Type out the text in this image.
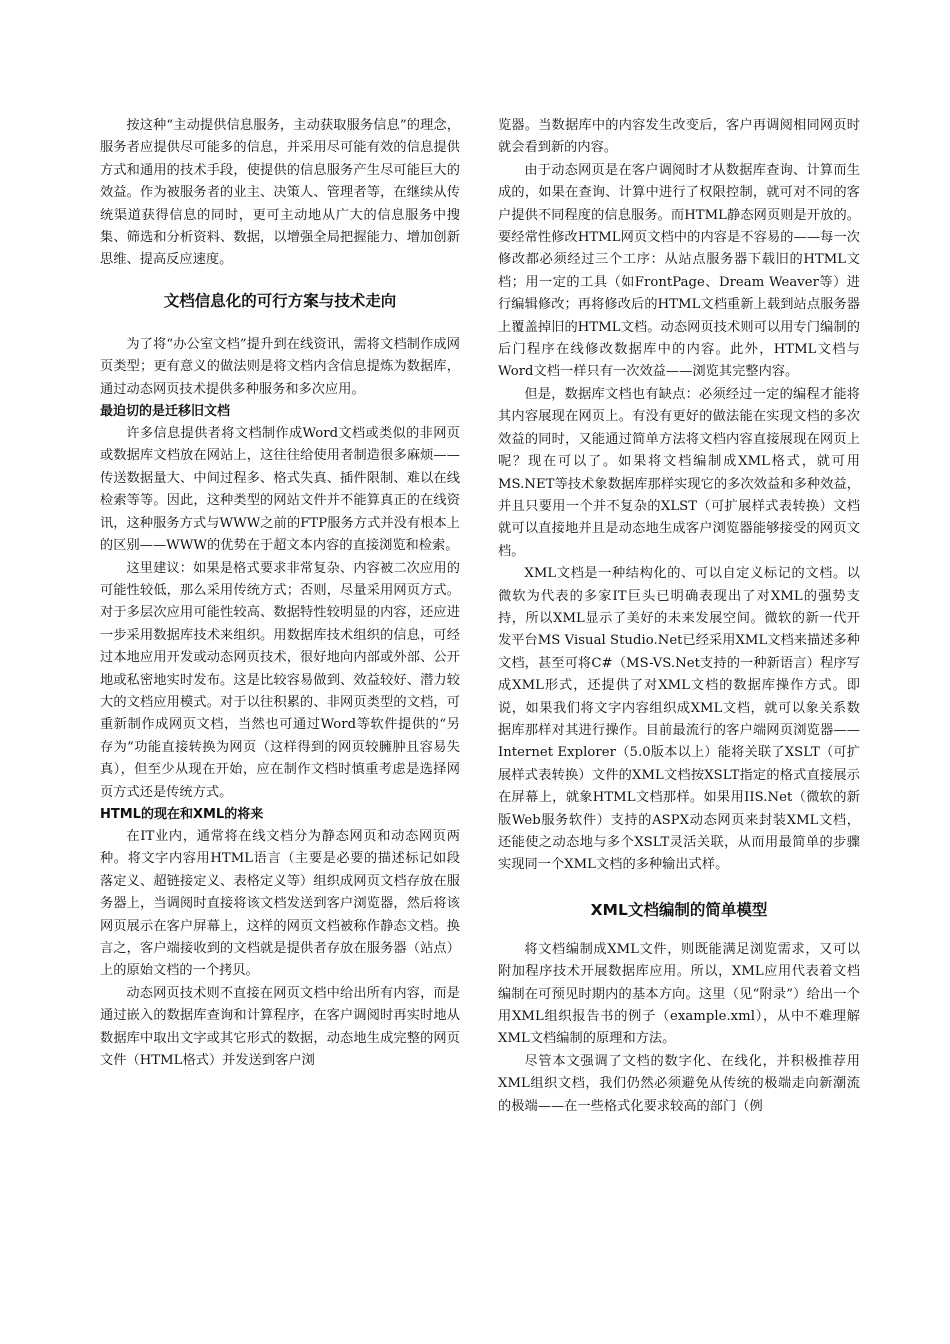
按这种“主动提供信息服务，主动获取服务信息”的理念，服务者应提供尽可能多的信息，并采用尽可能有效的信息提供方式和通用的技术手段，使提供的信息服务产生尽可能巨大的效益。作为被服务者的业主、决策人、管理者等，在继续从传统渠道获得信息的同时，更可主动地从广大的信息服务中搜集、筛选和分析资料、数据，以增强全局把握能力、增加创新思维、提高反应速度。

文档信息化的可行方案与技术走向

为了将“办公室文档”提升到在线资讯，需将文档制作成网页类型；更有意义的做法则是将文档内含信息提炼为数据库，通过动态网页技术提供多种服务和多次应用。

最迫切的是迁移旧文档

许多信息提供者将文档制作成Word文档或类似的非网页或数据库文档放在网站上，这往往给使用者制造很多麻烦——传送数据量大、中间过程多、格式失真、插件限制、难以在线检索等等。因此，这种类型的网站文件并不能算真正的在线资讯，这种服务方式与WWW之前的FTP服务方式并没有根本上的区别——WWW的优势在于超文本内容的直接浏览和检索。

这里建议：如果是格式要求非常复杂、内容被二次应用的可能性较低，那么采用传统方式；否则，尽量采用网页方式。对于多层次应用可能性较高、数据特性较明显的内容，还应进一步采用数据库技术来组织。用数据库技术组织的信息，可经过本地应用开发或动态网页技术，很好地向内部或外部、公开地或私密地实时发布。这是比较容易做到、效益较好、潜力较大的文档应用模式。对于以往积累的、非网页类型的文档，可重新制作成网页文档，当然也可通过Word等软件提供的“另存为”功能直接转换为网页（这样得到的网页较臃肿且容易失真），但至少从现在开始，应在制作文档时慎重考虑是选择网页方式还是传统方式。

HTML的现在和XML的将来

在IT业内，通常将在线文档分为静态网页和动态网页两种。将文字内容用HTML语言（主要是必要的描述标记如段落定义、超链接定义、表格定义等）组织成网页文档存放在服务器上，当调阅时直接将该文档发送到客户浏览器，然后将该网页展示在客户屏幕上，这样的网页文档被称作静态文档。换言之，客户端接收到的文档就是提供者存放在服务器（站点）上的原始文档的一个拷贝。

动态网页技术则不直接在网页文档中给出所有内容，而是通过嵌入的数据库查询和计算程序，在客户调阅时再实时地从数据库中取出文字或其它形式的数据，动态地生成完整的网页文件（HTML格式）并发送到客户浏

览器。当数据库中的内容发生改变后，客户再调阅相同网页时就会看到新的内容。

由于动态网页是在客户调阅时才从数据库查询、计算而生成的，如果在查询、计算中进行了权限控制，就可对不同的客户提供不同程度的信息服务。而HTML静态网页则是开放的。要经常性修改HTML网页文档中的内容是不容易的——每一次修改都必须经过三个工序：从站点服务器下载旧的HTML文档；用一定的工具（如FrontPage、Dream Weaver等）进行编辑修改；再将修改后的HTML文档重新上载到站点服务器上覆盖掉旧的HTML文档。动态网页技术则可以用专门编制的后门程序在线修改数据库中的内容。此外，HTML文档与Word文档一样只有一次效益——浏览其完整内容。

但是，数据库文档也有缺点：必须经过一定的编程才能将其内容展现在网页上。有没有更好的做法能在实现文档的多次效益的同时，又能通过简单方法将文档内容直接展现在网页上呢？现在可以了。如果将文档编制成XML格式，就可用MS.NET等技术象数据库那样实现它的多次效益和多种效益，并且只要用一个并不复杂的XLST（可扩展样式表转换）文档就可以直接地并且是动态地生成客户浏览器能够接受的网页文档。

XML文档是一种结构化的、可以自定义标记的文档。以微软为代表的多家IT巨头已明确表现出了对XML的强势支持，所以XML显示了美好的未来发展空间。微软的新一代开发平台MS Visual Studio.Net已经采用XML文档来描述多种文档，甚至可将C#（MS-VS.Net支持的一种新语言）程序写成XML形式，还提供了对XML文档的数据库操作方式。即说，如果我们将文字内容组织成XML文档，就可以象关系数据库那样对其进行操作。目前最流行的客户端网页浏览器——Internet Explorer（5.0版本以上）能将关联了XSLT（可扩展样式表转换）文件的XML文档按XSLT指定的格式直接展示在屏幕上，就象HTML文档那样。如果用IIS.Net（微软的新版Web服务软件）支持的ASPX动态网页来封装XML文档，还能使之动态地与多个XSLT灵活关联，从而用最简单的步骤实现同一个XML文档的多种输出式样。

XML文档编制的简单模型

将文档编制成XML文件，则既能满足浏览需求，又可以附加程序技术开展数据库应用。所以，XML应用代表着文档编制在可预见时期内的基本方向。这里（见“附录”）给出一个用XML组织报告书的例子（example.xml），从中不难理解XML文档编制的原理和方法。

尽管本文强调了文档的数字化、在线化，并积极推荐用XML组织文档，我们仍然必须避免从传统的极端走向新潮流的极端——在一些格式化要求较高的部门（例
